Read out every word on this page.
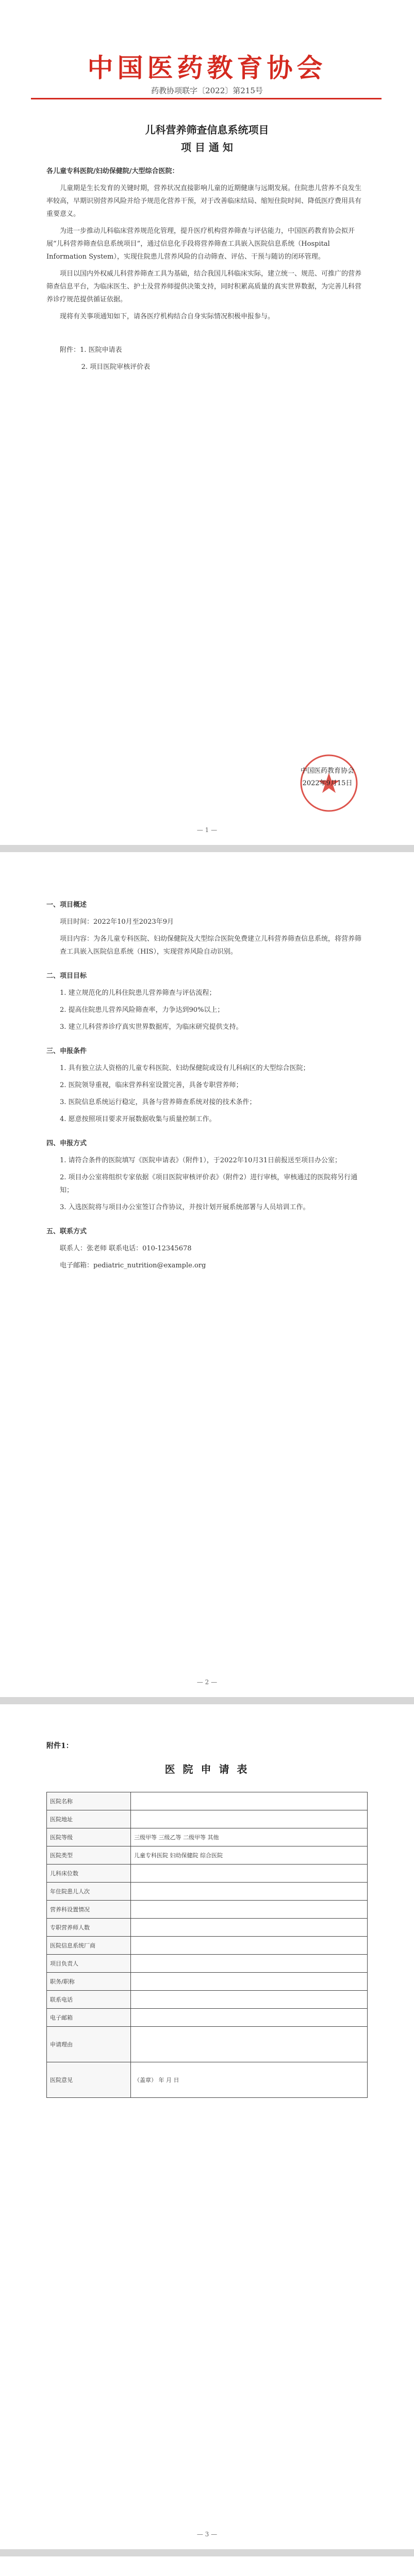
中国医药教育协会
药教协项联字〔2022〕第215号
儿科营养筛查信息系统项目
项 目 通 知

各儿童专科医院/妇幼保健院/大型综合医院：

儿童期是生长发育的关键时期，营养状况直接影响儿童的近期健康与远期发展。住院患儿营养不良发生率较高，早期识别营养风险并给予规范化营养干预，对于改善临床结局、缩短住院时间、降低医疗费用具有重要意义。

为进一步推动儿科临床营养规范化管理，提升医疗机构营养筛查与评估能力，中国医药教育协会拟开展“儿科营养筛查信息系统项目”，通过信息化手段将营养筛查工具嵌入医院信息系统（Hospital Information System），实现住院患儿营养风险的自动筛查、评估、干预与随访的闭环管理。

项目以国内外权威儿科营养筛查工具为基础，结合我国儿科临床实际，建立统一、规范、可推广的营养筛查信息平台，为临床医生、护士及营养师提供决策支持，同时积累高质量的真实世界数据，为完善儿科营养诊疗规范提供循证依据。

现将有关事项通知如下，请各医疗机构结合自身实际情况积极申报参与。

附件：1. 医院申请表

2. 项目医院审核评价表

中国医药教育协会
2022年9月15日
— 1 —

一、项目概述

项目时间：2022年10月至2023年9月

项目内容：为各儿童专科医院、妇幼保健院及大型综合医院免费建立儿科营养筛查信息系统，将营养筛查工具嵌入医院信息系统（HIS），实现营养风险自动识别。

二、项目目标

1. 建立规范化的儿科住院患儿营养筛查与评估流程；

2. 提高住院患儿营养风险筛查率，力争达到90%以上；

3. 建立儿科营养诊疗真实世界数据库，为临床研究提供支持。

三、申报条件

1. 具有独立法人资格的儿童专科医院、妇幼保健院或设有儿科病区的大型综合医院；

2. 医院领导重视，临床营养科室设置完善，具备专职营养师；

3. 医院信息系统运行稳定，具备与营养筛查系统对接的技术条件；

4. 愿意按照项目要求开展数据收集与质量控制工作。

四、申报方式

1. 请符合条件的医院填写《医院申请表》（附件1），于2022年10月31日前报送至项目办公室；

2. 项目办公室将组织专家依据《项目医院审核评价表》（附件2）进行审核，审核通过的医院将另行通知；

3. 入选医院将与项目办公室签订合作协议，并按计划开展系统部署与人员培训工作。

五、联系方式

联系人：张老师 联系电话：010-12345678

电子邮箱：pediatric_nutrition@example.org

— 2 —
附件1：
医 院 申 请 表
医院名称	
医院地址	
医院等级	三级甲等 三级乙等 二级甲等 其他
医院类型	儿童专科医院 妇幼保健院 综合医院
儿科床位数	
年住院患儿人次	
营养科设置情况	
专职营养师人数	
医院信息系统厂商	
项目负责人	
职务/职称	
联系电话	
电子邮箱	
申请理由	
医院意见	（盖章） 年 月 日
— 3 —
